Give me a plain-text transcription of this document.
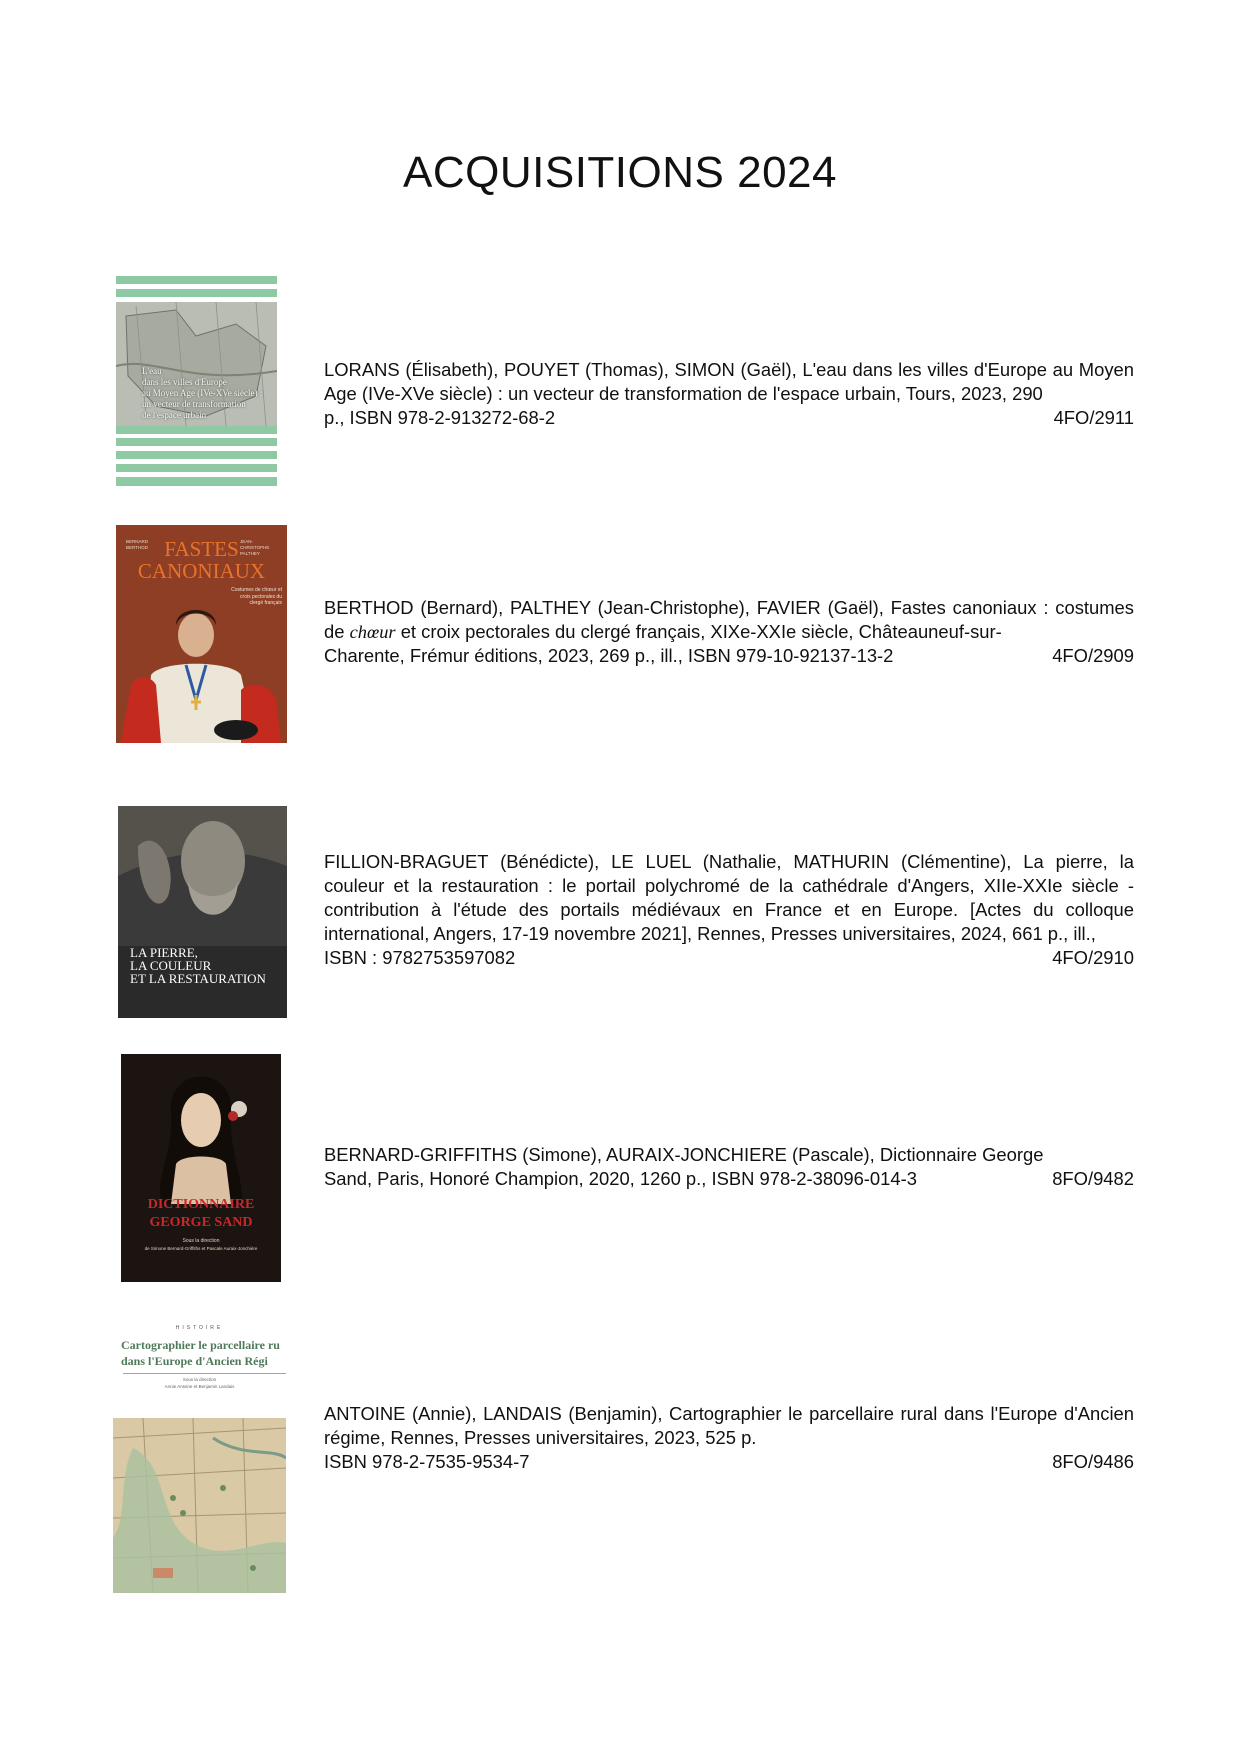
ACQUISITIONS 2024
L'eau
dans les villes d'Europe
au Moyen Age (IVe-XVe siècle) :
un vecteur de transformation
de l'espace urbain
LORANS (Élisabeth), POUYET (Thomas), SIMON (Gaël), L'eau dans les villes d'Europe au Moyen Age (IVe-XVe siècle) : un vecteur de transformation de l'espace urbain, Tours, 2023, 290
p., ISBN 978-2-913272-68-2	4FO/2911
BERNARD BERTHOD
JEAN-CHRISTOPHE PALTHEY
FASTES
CANONIAUX
Costumes de chœur et croix pectorales du clergé français BERTHOD (Bernard), PALTHEY (Jean-Christophe), FAVIER (Gaël), Fastes canoniaux : costumes de chœur et croix pectorales du clergé français, XIXe-XXIe siècle, Châteauneuf-sur-
Charente, Frémur éditions, 2023, 269 p., ill., ISBN 979-10-92137-13-2	4FO/2909
LA PIERRE,
LA COULEUR
ET LA RESTAURATION
FILLION-BRAGUET (Bénédicte), LE LUEL (Nathalie, MATHURIN (Clémentine), La pierre, la couleur et la restauration : le portail polychromé de la cathédrale d'Angers, XIIe-XXIe siècle - contribution à l'étude des portails médiévaux en France et en Europe. [Actes du colloque international, Angers, 17-19 novembre 2021], Rennes, Presses universitaires, 2024, 661 p., ill.,
ISBN : 9782753597082	4FO/2910
DICTIONNAIRE
GEORGE SAND
Sous la direction
de Simone Bernard-Griffiths et Pascale Auraix-Jonchière
BERNARD-GRIFFITHS (Simone), AURAIX-JONCHIERE (Pascale), Dictionnaire George
Sand, Paris, Honoré Champion, 2020, 1260 p., ISBN 978-2-38096-014-3	8FO/9482
HISTOIRE
Cartographier le parcellaire ru
dans l'Europe d'Ancien Régi
Sous la direction
Annie Antoine et Benjamin Landais
ANTOINE (Annie), LANDAIS (Benjamin), Cartographier le parcellaire rural dans l'Europe d'Ancien régime, Rennes, Presses universitaires, 2023, 525 p.
ISBN 978-2-7535-9534-7	8FO/9486
